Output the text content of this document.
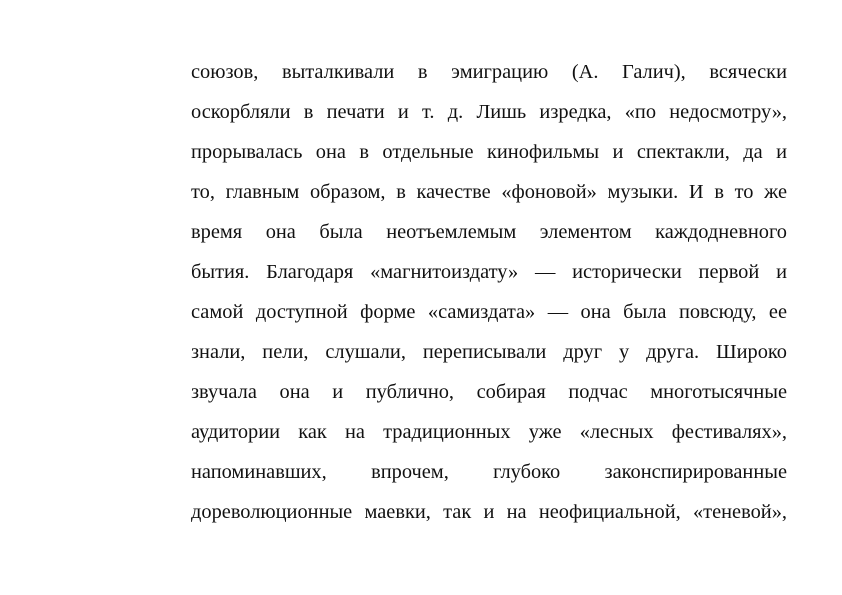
союзов, выталкивали в эмиграцию (А. Галич), всячески
оскорбляли в печати и т. д. Лишь изредка, «по недосмотру»,
прорывалась она в отдельные кинофильмы и спектакли, да и
то, главным образом, в качестве «фоновой» музыки. И в то же
время она была неотъемлемым элементом каждодневного
бытия. Благодаря «магнитоиздату» — исторически первой и
самой доступной форме «самиздата» — она была повсюду, ее
знали, пели, слушали, переписывали друг у друга. Широко
звучала она и публично, собирая подчас многотысячные
аудитории как на традиционных уже «лесных фестивалях»,
напоминавших, впрочем, глубоко законспирированные
дореволюционные маевки, так и на неофициальной, «теневой»,
